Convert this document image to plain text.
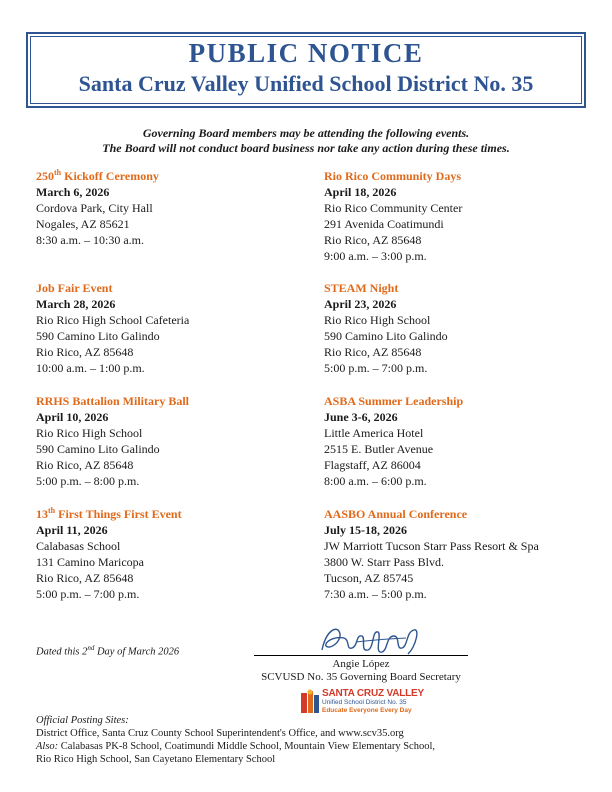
PUBLIC NOTICE
Santa Cruz Valley Unified School District No. 35
Governing Board members may be attending the following events.
The Board will not conduct board business nor take any action during these times.
250th Kickoff Ceremony
March 6, 2026
Cordova Park, City Hall
Nogales, AZ 85621
8:30 a.m. – 10:30 a.m.
Rio Rico Community Days
April 18, 2026
Rio Rico Community Center
291 Avenida Coatimundi
Rio Rico, AZ 85648
9:00 a.m. – 3:00 p.m.
Job Fair Event
March 28, 2026
Rio Rico High School Cafeteria
590 Camino Lito Galindo
Rio Rico, AZ 85648
10:00 a.m. – 1:00 p.m.
STEAM Night
April 23, 2026
Rio Rico High School
590 Camino Lito Galindo
Rio Rico, AZ 85648
5:00 p.m. – 7:00 p.m.
RRHS Battalion Military Ball
April 10, 2026
Rio Rico High School
590 Camino Lito Galindo
Rio Rico, AZ 85648
5:00 p.m. – 8:00 p.m.
ASBA Summer Leadership
June 3-6, 2026
Little America Hotel
2515 E. Butler Avenue
Flagstaff, AZ 86004
8:00 a.m. – 6:00 p.m.
13th First Things First Event
April 11, 2026
Calabasas School
131 Camino Maricopa
Rio Rico, AZ 85648
5:00 p.m. – 7:00 p.m.
AASBO Annual Conference
July 15-18, 2026
JW Marriott Tucson Starr Pass Resort & Spa
3800 W. Starr Pass Blvd.
Tucson, AZ 85745
7:30 a.m. – 5:00 p.m.
Dated this 2nd Day of March 2026
Angie López
SCVUSD No. 35 Governing Board Secretary
SANTA CRUZ VALLEY
Unified School District No. 35
Educate Everyone Every Day
Official Posting Sites:
District Office, Santa Cruz County School Superintendent's Office, and www.scv35.org
Also: Calabasas PK-8 School, Coatimundi Middle School, Mountain View Elementary School,
Rio Rico High School, San Cayetano Elementary School
